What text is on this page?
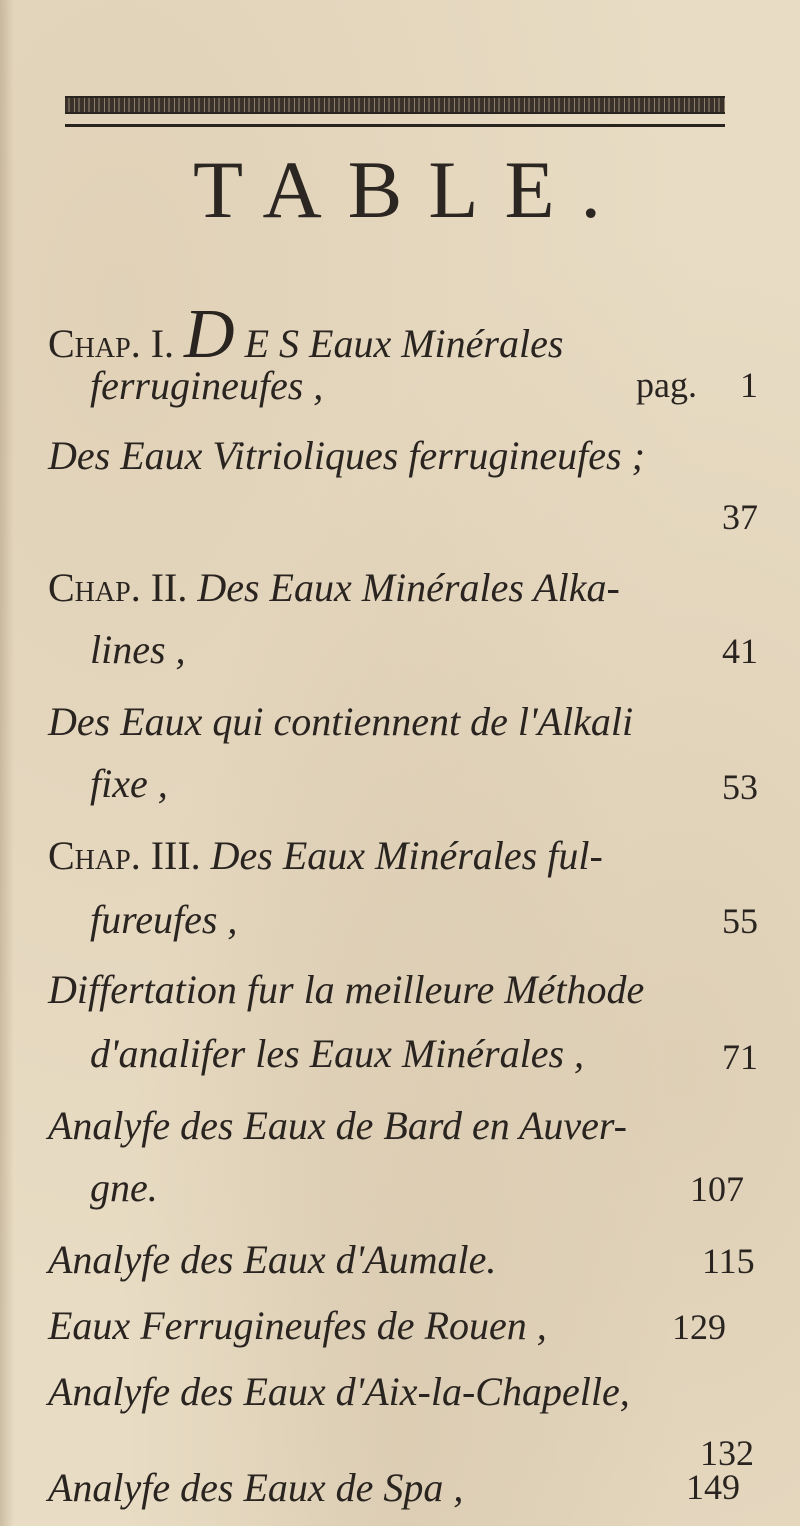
TABLE.
Chap. I. D E S Eaux Minérales
ferrugineufes ,	pag. 1
Des Eaux Vitrioliques ferrugineufes ;
37
Chap. II. Des Eaux Minérales Alka-
lines ,	41
Des Eaux qui contiennent de l'Alkali
fixe ,	53
Chap. III. Des Eaux Minérales ful-
fureufes ,	55
Differtation fur la meilleure Méthode
d'analifer les Eaux Minérales ,	71
Analyfe des Eaux de Bard en Auver-
gne.	107
Analyfe des Eaux d'Aumale.	115
Eaux Ferrugineufes de Rouen ,	129
Analyfe des Eaux d'Aix-la-Chapelle,
132
Analyfe des Eaux de Spa ,	149
